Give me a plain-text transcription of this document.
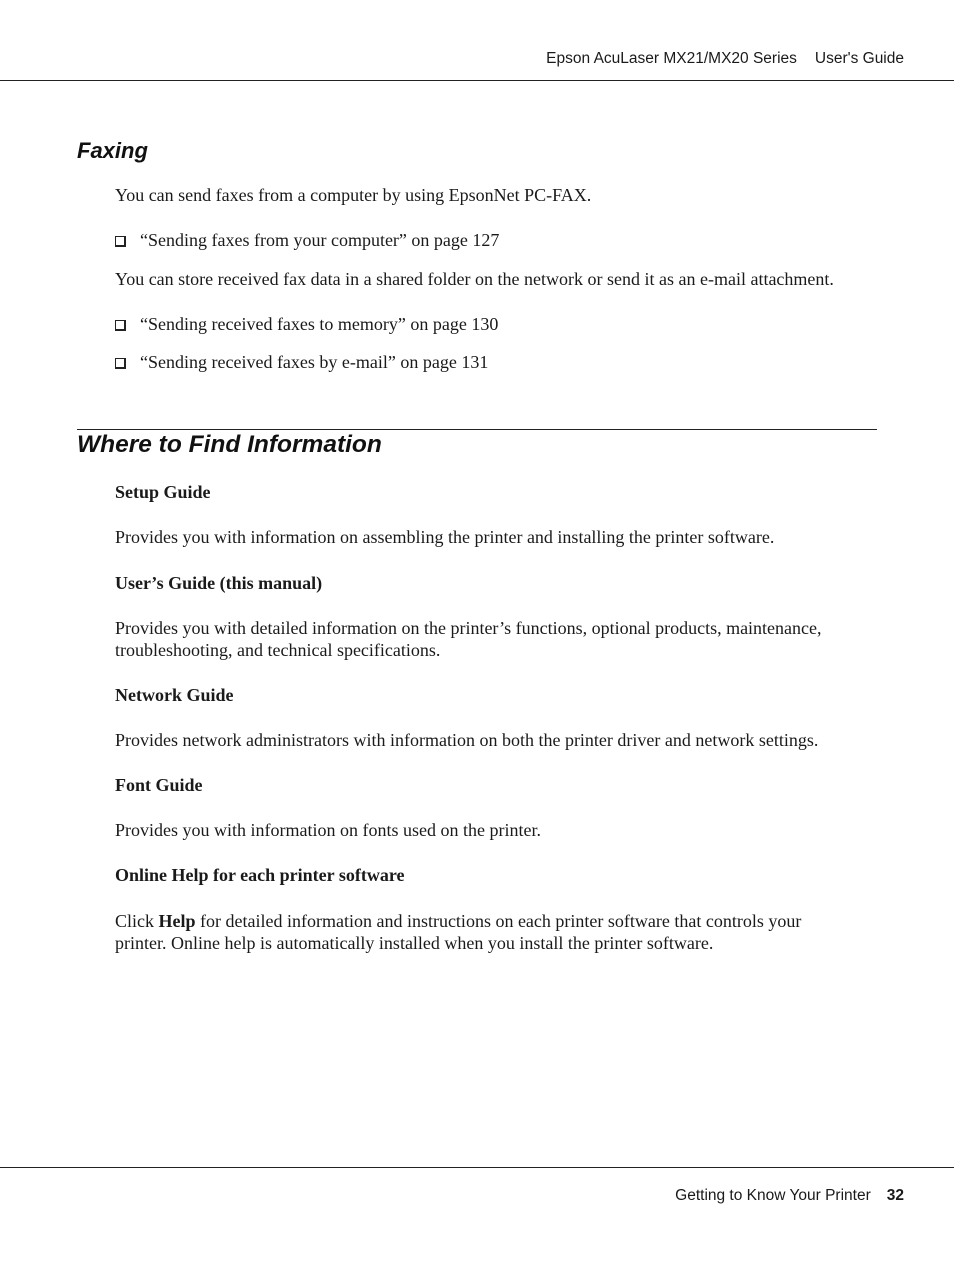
Epson AcuLaser MX21/MX20 Series User's Guide
Faxing

You can send faxes from a computer by using EpsonNet PC-FAX.

“Sending faxes from your computer” on page 127

You can store received fax data in a shared folder on the network or send it as an e-mail attachment.

“Sending received faxes to memory” on page 130
“Sending received faxes by e-mail” on page 131
Where to Find Information

Setup Guide

Provides you with information on assembling the printer and installing the printer software.

User’s Guide (this manual)

Provides you with detailed information on the printer’s functions, optional products, maintenance,
troubleshooting, and technical specifications.

Network Guide

Provides network administrators with information on both the printer driver and network settings.

Font Guide

Provides you with information on fonts used on the printer.

Online Help for each printer software

Click Help for detailed information and instructions on each printer software that controls your
printer. Online help is automatically installed when you install the printer software.

Getting to Know Your Printer 32
